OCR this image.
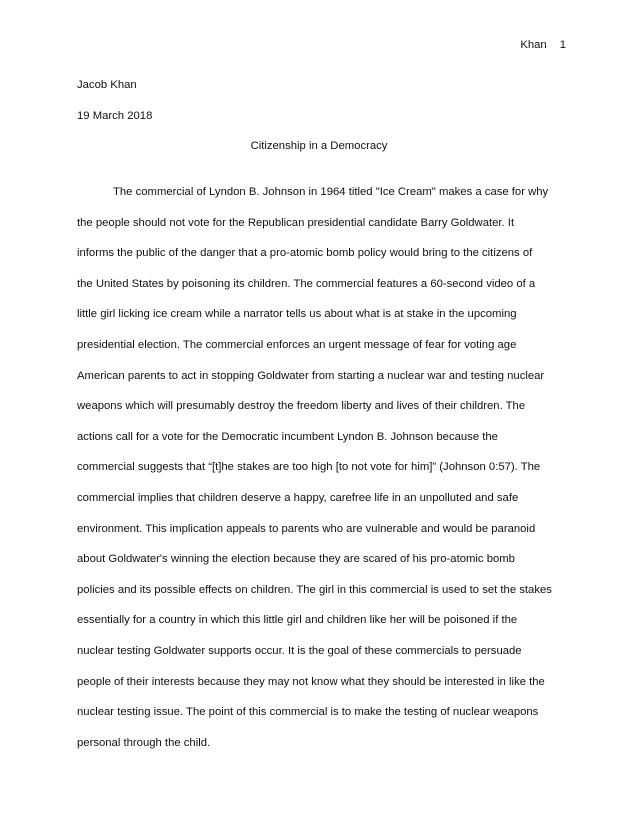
Khan 1
Jacob Khan
19 March 2018
Citizenship in a Democracy
The commercial of Lyndon B. Johnson in 1964 titled "Ice Cream" makes a case for why
the people should not vote for the Republican presidential candidate Barry Goldwater. It
informs the public of the danger that a pro-atomic bomb policy would bring to the citizens of
the United States by poisoning its children. The commercial features a 60-second video of a
little girl licking ice cream while a narrator tells us about what is at stake in the upcoming
presidential election. The commercial enforces an urgent message of fear for voting age
American parents to act in stopping Goldwater from starting a nuclear war and testing nuclear
weapons which will presumably destroy the freedom liberty and lives of their children. The
actions call for a vote for the Democratic incumbent Lyndon B. Johnson because the
commercial suggests that “[t]he stakes are too high [to not vote for him]” (Johnson 0:57). The
commercial implies that children deserve a happy, carefree life in an unpolluted and safe
environment. This implication appeals to parents who are vulnerable and would be paranoid
about Goldwater's winning the election because they are scared of his pro-atomic bomb
policies and its possible effects on children. The girl in this commercial is used to set the stakes
essentially for a country in which this little girl and children like her will be poisoned if the
nuclear testing Goldwater supports occur. It is the goal of these commercials to persuade
people of their interests because they may not know what they should be interested in like the
nuclear testing issue. The point of this commercial is to make the testing of nuclear weapons
personal through the child.
